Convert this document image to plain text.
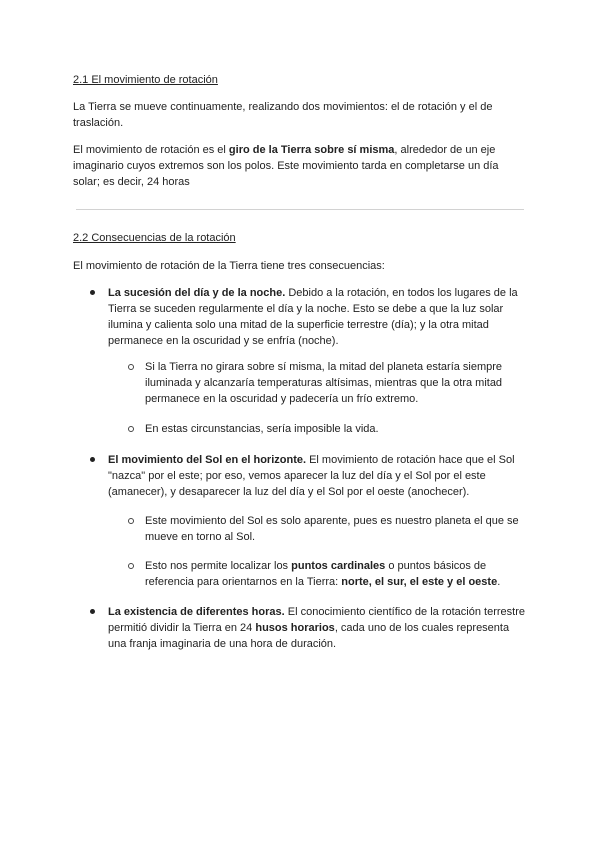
2.1 El movimiento de rotación
La Tierra se mueve continuamente, realizando dos movimientos: el de rotación y el de traslación.
El movimiento de rotación es el giro de la Tierra sobre sí misma, alrededor de un eje imaginario cuyos extremos son los polos. Este movimiento tarda en completarse un día solar; es decir, 24 horas
2.2 Consecuencias de la rotación
El movimiento de rotación de la Tierra tiene tres consecuencias:
La sucesión del día y de la noche. Debido a la rotación, en todos los lugares de la Tierra se suceden regularmente el día y la noche. Esto se debe a que la luz solar ilumina y calienta solo una mitad de la superficie terrestre (día); y la otra mitad permanece en la oscuridad y se enfría (noche).
Si la Tierra no girara sobre sí misma, la mitad del planeta estaría siempre iluminada y alcanzaría temperaturas altísimas, mientras que la otra mitad permanece en la oscuridad y padecería un frío extremo.
En estas circunstancias, sería imposible la vida.
El movimiento del Sol en el horizonte. El movimiento de rotación hace que el Sol "nazca" por el este; por eso, vemos aparecer la luz del día y el Sol por el este (amanecer), y desaparecer la luz del día y el Sol por el oeste (anochecer).
Este movimiento del Sol es solo aparente, pues es nuestro planeta el que se mueve en torno al Sol.
Esto nos permite localizar los puntos cardinales o puntos básicos de referencia para orientarnos en la Tierra: norte, el sur, el este y el oeste.
La existencia de diferentes horas. El conocimiento científico de la rotación terrestre permitió dividir la Tierra en 24 husos horarios, cada uno de los cuales representa una franja imaginaria de una hora de duración.
